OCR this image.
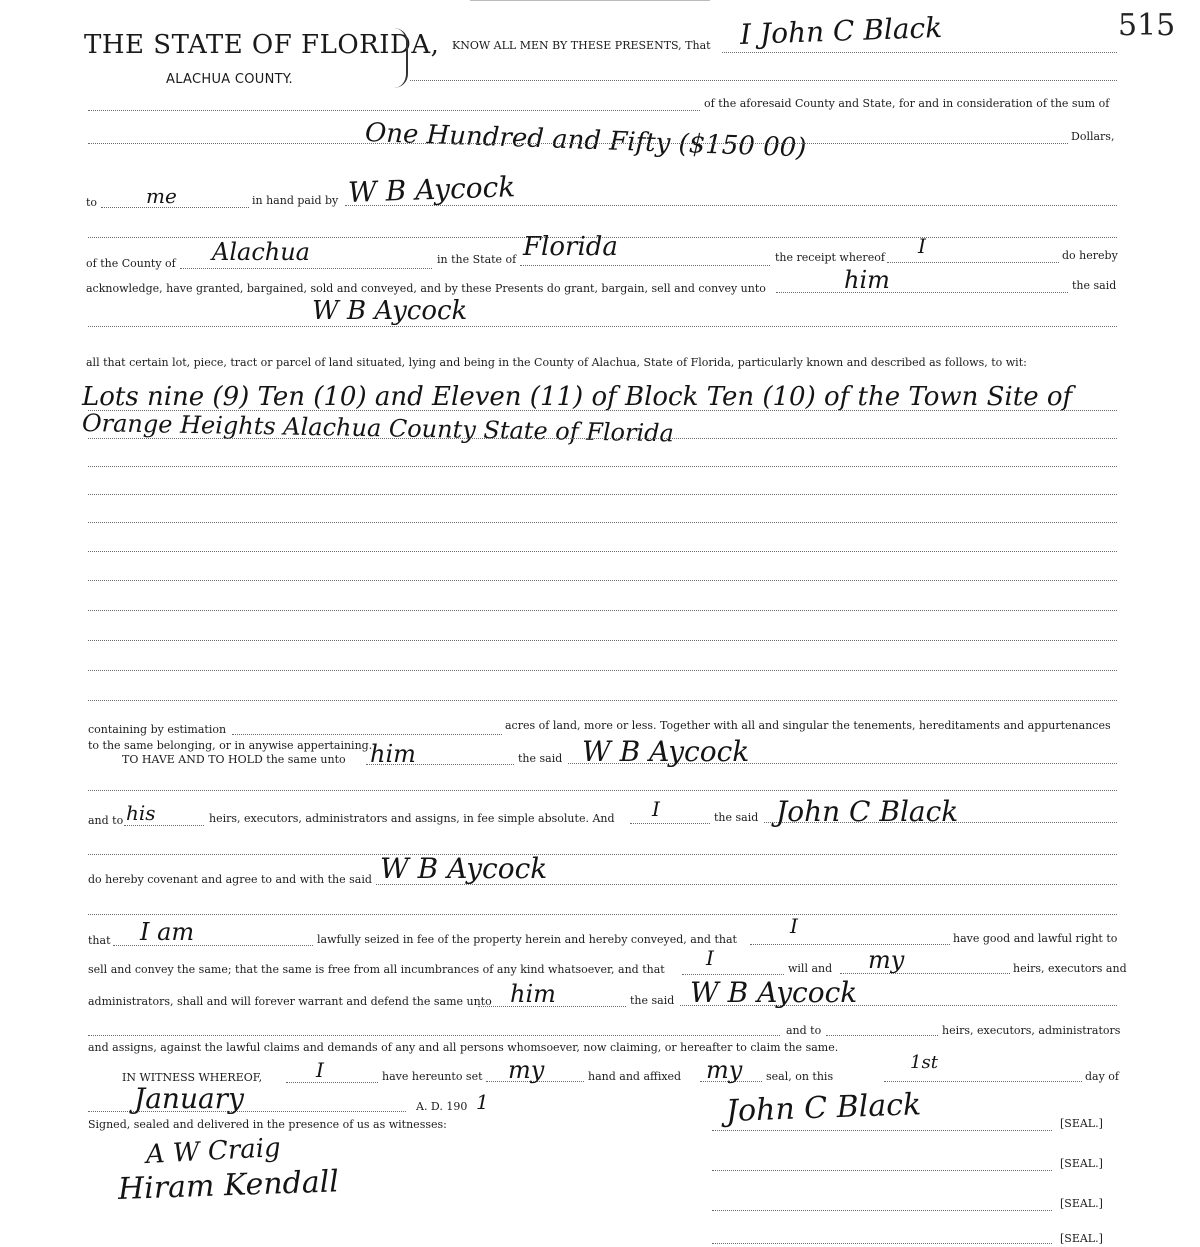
515
THE STATE OF FLORIDA,
ALACHUA COUNTY.
KNOW ALL MEN BY THESE PRESENTS, That I John C Black
of the aforesaid County and State, for and in consideration of the sum of
One Hundred and Fifty ($150 00)	Dollars,
to me	in hand paid by W B Aycock
of the County of Alachua	in the State of Florida	the receipt whereof I	do hereby
acknowledge, have granted, bargained, sold and conveyed, and by these Presents do grant, bargain, sell and convey unto	him	the said
W B Aycock
all that certain lot, piece, tract or parcel of land situated, lying and being in the County of Alachua, State of Florida, particularly known and described as follows, to wit:
Lots nine (9) Ten (10) and Eleven (11) of Block Ten (10) of the Town Site of
Orange Heights Alachua County State of Florida
containing by estimation	acres of land, more or less. Together with all and singular the tenements, hereditaments and appurtenances
to the same belonging, or in anywise appertaining.
TO HAVE AND TO HOLD the same unto him	the said W B Aycock
and to his	heirs, executors, administrators and assigns, in fee simple absolute. And I	the said John C Black
do hereby covenant and agree to and with the said W B Aycock
that I am	lawfully seized in fee of the property herein and hereby conveyed, and that
I
have good and lawful right to
sell and convey the same; that the same is free from all incumbrances of any kind whatsoever, and that I	will and my	heirs, executors and
administrators, shall and will forever warrant and defend the same unto him	the said W B Aycock
and to	heirs, executors, administrators
and assigns, against the lawful claims and demands of any and all persons whomsoever, now claiming, or hereafter to claim the same.
IN WITNESS WHEREOF,	I	have hereunto set my	hand and affixed my seal, on this
1st
day of
January	A. D. 190 1
Signed, sealed and delivered in the presence of us as witnesses:	John C Black	[SEAL.]
A W Craig	[SEAL.]
Hiram Kendall	[SEAL.]
[SEAL.]
